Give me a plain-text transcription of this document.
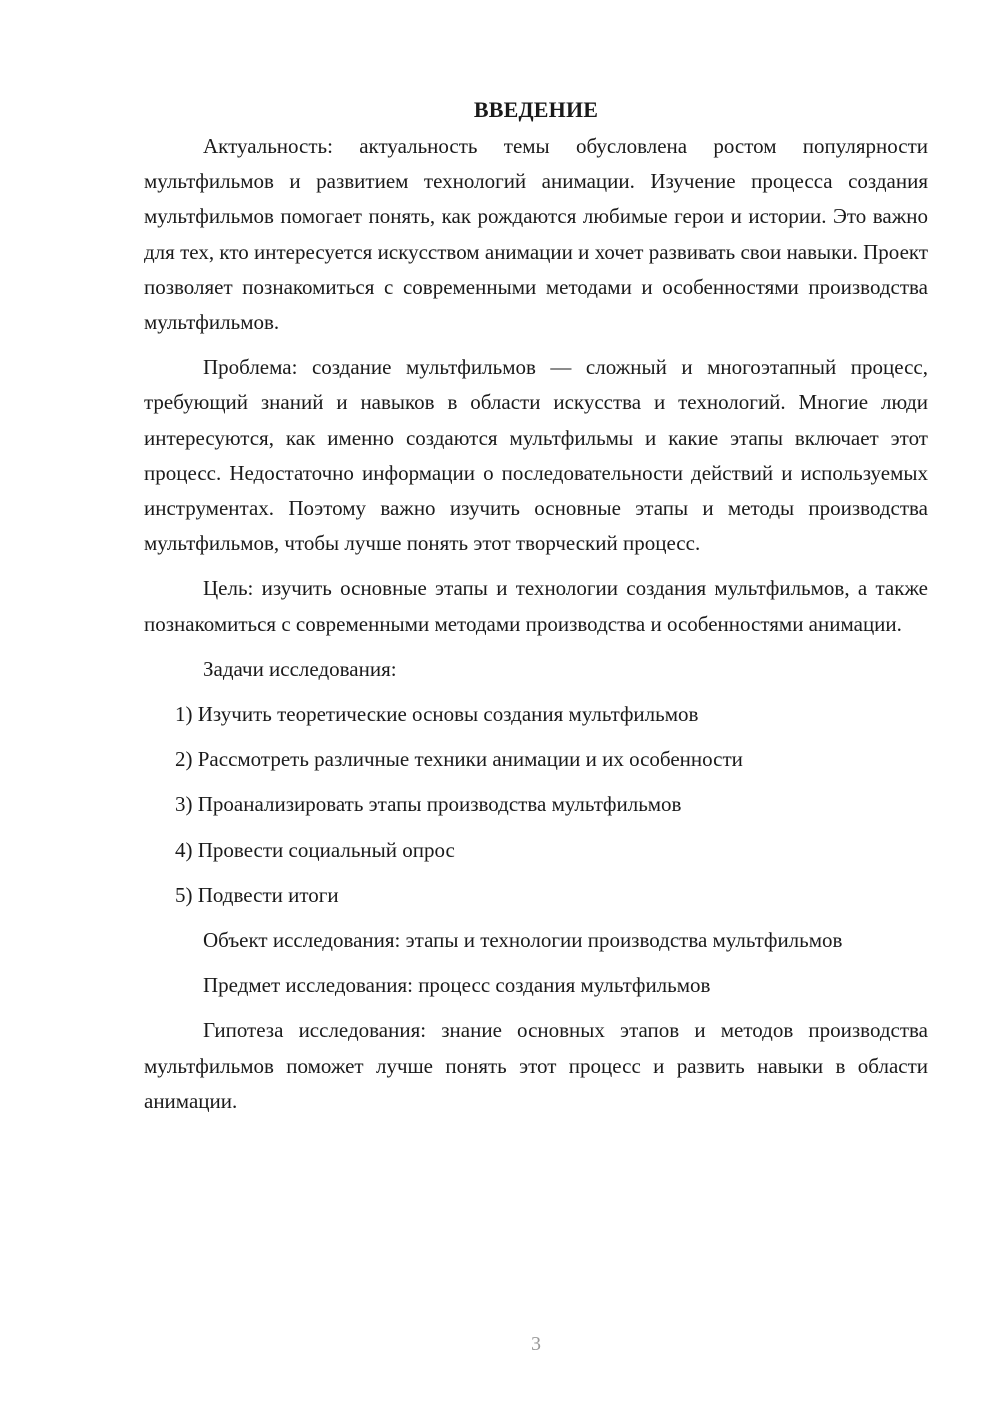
ВВЕДЕНИЕ

Актуальность: актуальность темы обусловлена ростом популярности мультфильмов и развитием технологий анимации. Изучение процесса создания мультфильмов помогает понять, как рождаются любимые герои и истории. Это важно для тех, кто интересуется искусством анимации и хочет развивать свои навыки. Проект позволяет познакомиться с современными методами и особенностями производства мультфильмов.

Проблема: создание мультфильмов — сложный и многоэтапный процесс, требующий знаний и навыков в области искусства и технологий. Многие люди интересуются, как именно создаются мультфильмы и какие этапы включает этот процесс. Недостаточно информации о последовательности действий и используемых инструментах. Поэтому важно изучить основные этапы и методы производства мультфильмов, чтобы лучше понять этот творческий процесс.

Цель: изучить основные этапы и технологии создания мультфильмов, а также познакомиться с современными методами производства и особенностями анимации.

Задачи исследования:

1) Изучить теоретические основы создания мультфильмов
2) Рассмотреть различные техники анимации и их особенности
3) Проанализировать этапы производства мультфильмов
4) Провести социальный опрос
5) Подвести итоги

Объект исследования: этапы и технологии производства мультфильмов

Предмет исследования: процесс создания мультфильмов

Гипотеза исследования: знание основных этапов и методов производства мультфильмов поможет лучше понять этот процесс и развить навыки в области анимации.

3
